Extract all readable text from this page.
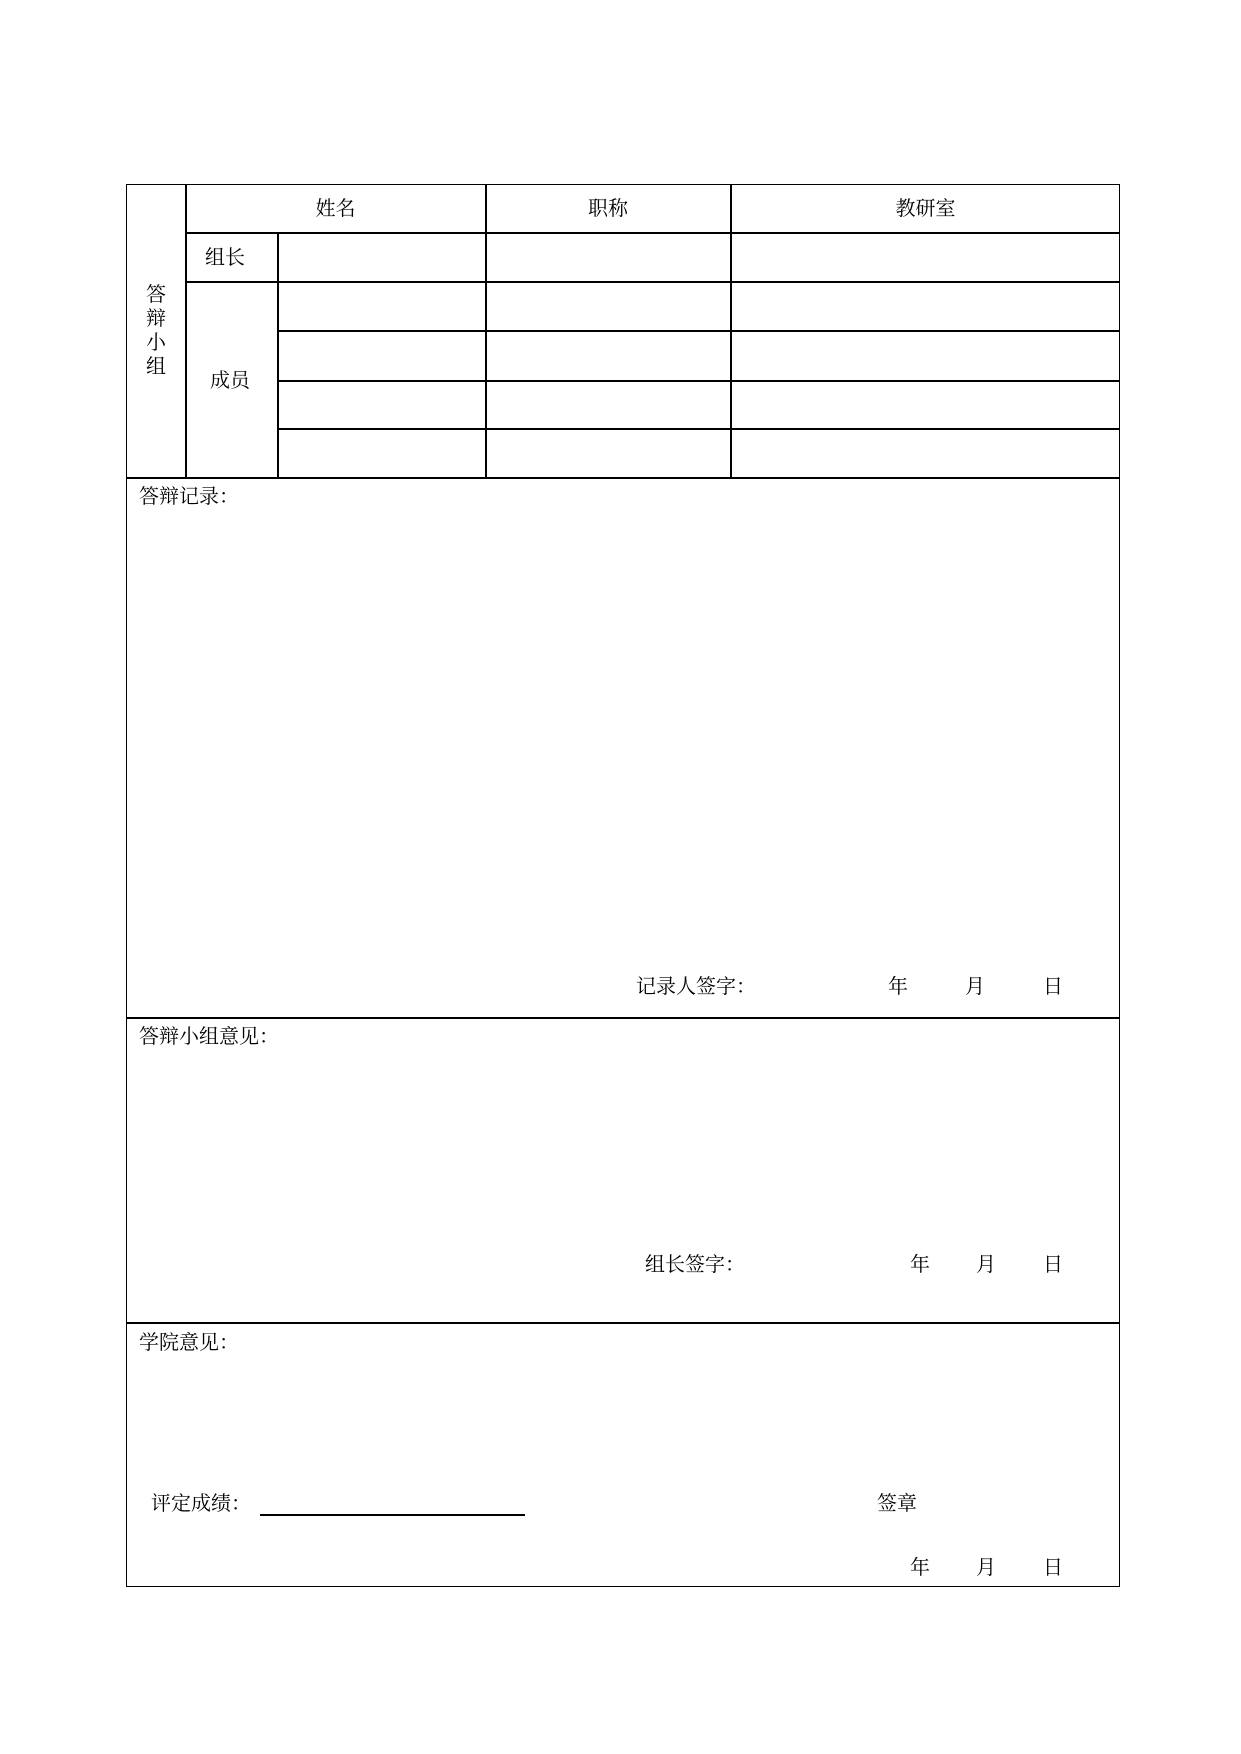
答
辩
小
组
姓名	职称	教研室
组长
成员
答辩记录：
记录人签字：	年	月	日
答辩小组意见：
组长签字：	年 月 日
学院意见：
评定成绩：	签章
年 月 日
